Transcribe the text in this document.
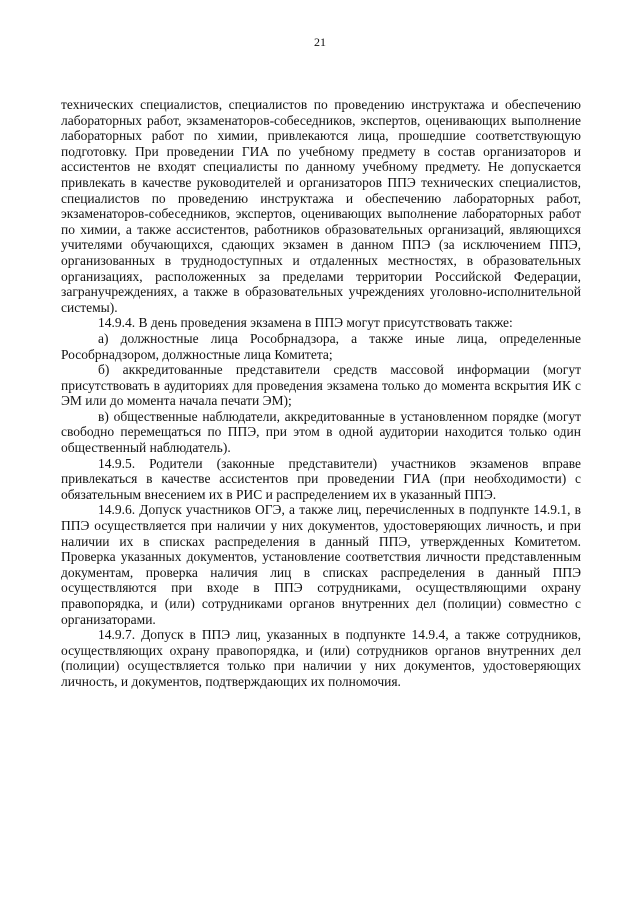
21

технических специалистов, специалистов по проведению инструктажа и обеспечению лабораторных работ, экзаменаторов-собеседников, экспертов, оценивающих выполнение лабораторных работ по химии, привлекаются лица, прошедшие соответствующую подготовку. При проведении ГИА по учебному предмету в состав организаторов и ассистентов не входят специалисты по данному учебному предмету. Не допускается привлекать в качестве руководителей и организаторов ППЭ технических специалистов, специалистов по проведению инструктажа и обеспечению лабораторных работ, экзаменаторов-собеседников, экспертов, оценивающих выполнение лабораторных работ по химии, а также ассистентов, работников образовательных организаций, являющихся учителями обучающихся, сдающих экзамен в данном ППЭ (за исключением ППЭ, организованных в труднодоступных и отдаленных местностях, в образовательных организациях, расположенных за пределами территории Российской Федерации, загранучреждениях, а также в образовательных учреждениях уголовно-исполнительной системы).

14.9.4. В день проведения экзамена в ППЭ могут присутствовать также:

а) должностные лица Рособрнадзора, а также иные лица, определенные Рособрнадзором, должностные лица Комитета;

б) аккредитованные представители средств массовой информации (могут присутствовать в аудиториях для проведения экзамена только до момента вскрытия ИК с ЭМ или до момента начала печати ЭМ);

в) общественные наблюдатели, аккредитованные в установленном порядке (могут свободно перемещаться по ППЭ, при этом в одной аудитории находится только один общественный наблюдатель).

14.9.5. Родители (законные представители) участников экзаменов вправе привлекаться в качестве ассистентов при проведении ГИА (при необходимости) с обязательным внесением их в РИС и распределением их в указанный ППЭ.

14.9.6. Допуск участников ОГЭ, а также лиц, перечисленных в подпункте 14.9.1, в ППЭ осуществляется при наличии у них документов, удостоверяющих личность, и при наличии их в списках распределения в данный ППЭ, утвержденных Комитетом. Проверка указанных документов, установление соответствия личности представленным документам, проверка наличия лиц в списках распределения в данный ППЭ осуществляются при входе в ППЭ сотрудниками, осуществляющими охрану правопорядка, и (или) сотрудниками органов внутренних дел (полиции) совместно с организаторами.

14.9.7. Допуск в ППЭ лиц, указанных в подпункте 14.9.4, а также сотрудников, осуществляющих охрану правопорядка, и (или) сотрудников органов внутренних дел (полиции) осуществляется только при наличии у них документов, удостоверяющих личность, и документов, подтверждающих их полномочия.
